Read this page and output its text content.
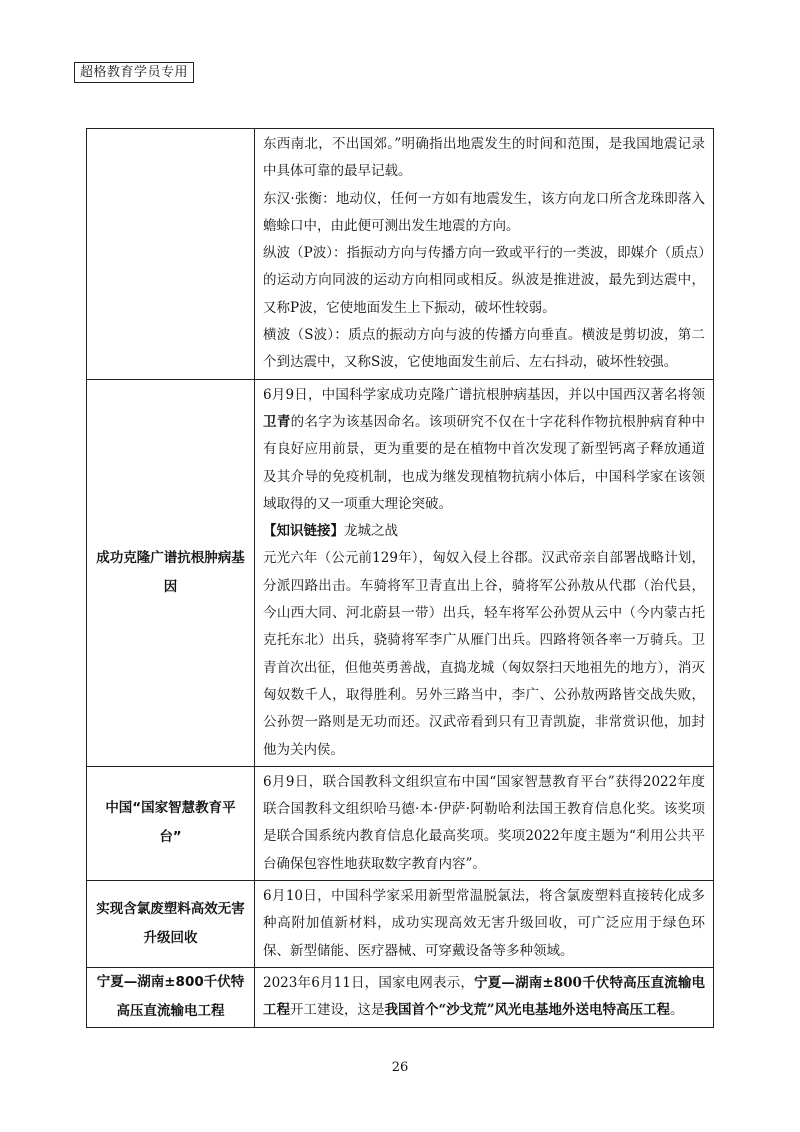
超格教育学员专用

	东西南北，不出国郊。”明确指出地震发生的时间和范围，是我国地震记录中具体可靠的最早记载。

东汉·张衡：地动仪，任何一方如有地震发生，该方向龙口所含龙珠即落入蟾蜍口中，由此便可测出发生地震的方向。

纵波（P波）：指振动方向与传播方向一致或平行的一类波，即媒介（质点）的运动方向同波的运动方向相同或相反。纵波是推进波，最先到达震中，又称P波，它使地面发生上下振动，破坏性较弱。

横波（S波）：质点的振动方向与波的传播方向垂直。横波是剪切波，第二个到达震中，又称S波，它使地面发生前后、左右抖动，破坏性较强。

成功克隆广谱抗根肿病基因	6月9日，中国科学家成功克隆广谱抗根肿病基因，并以中国西汉著名将领卫青的名字为该基因命名。该项研究不仅在十字花科作物抗根肿病育种中有良好应用前景，更为重要的是在植物中首次发现了新型钙离子释放通道及其介导的免疫机制，也成为继发现植物抗病小体后，中国科学家在该领域取得的又一项重大理论突破。

【知识链接】龙城之战

元光六年（公元前129年），匈奴入侵上谷郡。汉武帝亲自部署战略计划，分派四路出击。车骑将军卫青直出上谷，骑将军公孙敖从代郡（治代县，今山西大同、河北蔚县一带）出兵，轻车将军公孙贺从云中（今内蒙古托克托东北）出兵，骁骑将军李广从雁门出兵。四路将领各率一万骑兵。卫青首次出征，但他英勇善战，直捣龙城（匈奴祭扫天地祖先的地方），消灭匈奴数千人，取得胜利。另外三路当中，李广、公孙敖两路皆交战失败，公孙贺一路则是无功而还。汉武帝看到只有卫青凯旋，非常赏识他，加封他为关内侯。

中国“国家智慧教育平台”	6月9日，联合国教科文组织宣布中国“国家智慧教育平台”获得2022年度联合国教科文组织哈马德·本·伊萨·阿勒哈利法国王教育信息化奖。该奖项是联合国系统内教育信息化最高奖项。奖项2022年度主题为“利用公共平台确保包容性地获取数字教育内容”。

实现含氯废塑料高效无害升级回收	6月10日，中国科学家采用新型常温脱氯法，将含氯废塑料直接转化成多种高附加值新材料，成功实现高效无害升级回收，可广泛应用于绿色环保、新型储能、医疗器械、可穿戴设备等多种领域。

宁夏—湖南±800千伏特高压直流输电工程	2023年6月11日，国家电网表示，宁夏—湖南±800千伏特高压直流输电工程开工建设，这是我国首个“沙戈荒”风光电基地外送电特高压工程。

26
